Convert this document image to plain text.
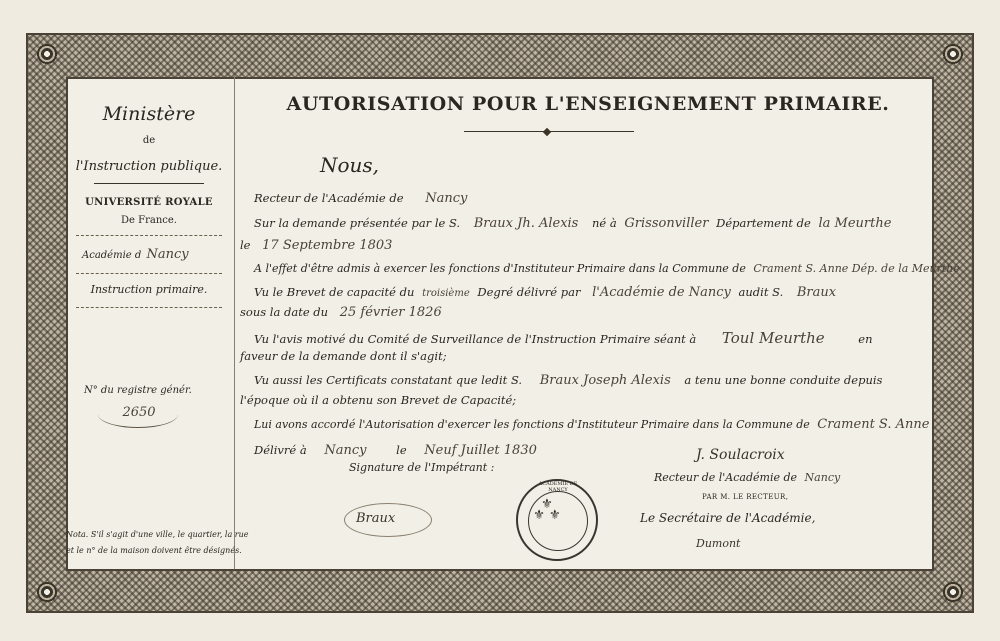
Ministère
de
l'Instruction publique.
UNIVERSITÉ ROYALE
De France.
Académie d Nancy
Instruction primaire.
N° du registre génér.
2650
Nota. S'il s'agit d'une ville, le quartier, la rue
et le n° de la maison doivent être désignés.
AUTORISATION POUR L'ENSEIGNEMENT PRIMAIRE.
Nous,
Recteur de l'Académie de Nancy
Sur la demande présentée par le S. Braux Jh. Alexis né à Grissonviller Département de la Meurthe
le 17 Septembre 1803
A l'effet d'être admis à exercer les fonctions d'Instituteur Primaire dans la Commune de Crament S. Anne Dép. de la Meurthe
Vu le Brevet de capacité du troisième Degré délivré par l'Académie de Nancy audit S. Braux
sous la date du 25 février 1826
Vu l'avis motivé du Comité de Surveillance de l'Instruction Primaire séant à Toul Meurthe	en
faveur de la demande dont il s'agit;
Vu aussi les Certificats constatant que ledit S. Braux Joseph Alexis a tenu une bonne conduite depuis
l'époque où il a obtenu son Brevet de Capacité;
Lui avons accordé l'Autorisation d'exercer les fonctions d'Instituteur Primaire dans la Commune de Crament S. Anne
Délivré à Nancy	le Neuf Juillet 1830
Signature de l'Impétrant :
Braux
ACADEMIE DE NANCY
⚜
⚜ ⚜
J. Soulacroix
Recteur de l'Académie de Nancy
PAR M. LE RECTEUR,
Le Secrétaire de l'Académie,
Dumont
